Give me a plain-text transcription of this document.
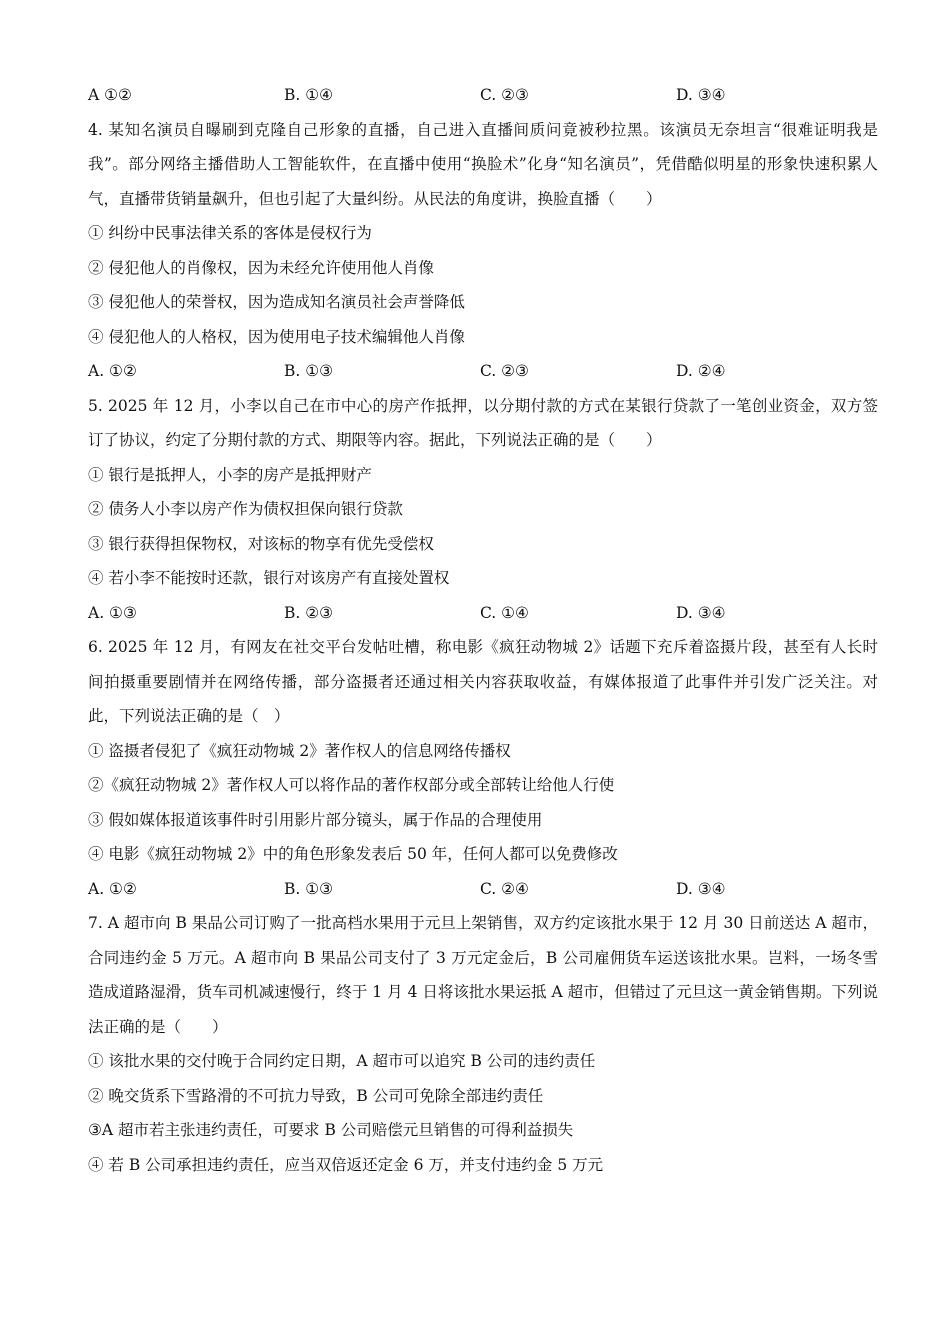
A ①②	B. ①④	C. ②③	D. ③④
4. 某知名演员自曝刷到克隆自己形象的直播，自己进入直播间质问竟被秒拉黑。该演员无奈坦言“很难证明我是我”。部分网络主播借助人工智能软件，在直播中使用“换脸术”化身“知名演员”，凭借酷似明星的形象快速积累人气，直播带货销量飙升，但也引起了大量纠纷。从民法的角度讲，换脸直播（　　）
① 纠纷中民事法律关系的客体是侵权行为
② 侵犯他人的肖像权，因为未经允许使用他人肖像
③ 侵犯他人的荣誉权，因为造成知名演员社会声誉降低
④ 侵犯他人的人格权，因为使用电子技术编辑他人肖像
A. ①②	B. ①③	C. ②③	D. ②④
5. 2025 年 12 月，小李以自己在市中心的房产作抵押，以分期付款的方式在某银行贷款了一笔创业资金，双方签订了协议，约定了分期付款的方式、期限等内容。据此，下列说法正确的是（　　）
① 银行是抵押人，小李的房产是抵押财产
② 债务人小李以房产作为债权担保向银行贷款
③ 银行获得担保物权，对该标的物享有优先受偿权
④ 若小李不能按时还款，银行对该房产有直接处置权
A. ①③	B. ②③	C. ①④	D. ③④
6. 2025 年 12 月，有网友在社交平台发帖吐槽，称电影《疯狂动物城 2》话题下充斥着盗摄片段，甚至有人长时间拍摄重要剧情并在网络传播，部分盗摄者还通过相关内容获取收益，有媒体报道了此事件并引发广泛关注。对此，下列说法正确的是（　）
① 盗摄者侵犯了《疯狂动物城 2》著作权人的信息网络传播权
②《疯狂动物城 2》著作权人可以将作品的著作权部分或全部转让给他人行使
③ 假如媒体报道该事件时引用影片部分镜头，属于作品的合理使用
④ 电影《疯狂动物城 2》中的角色形象发表后 50 年，任何人都可以免费修改
A. ①②	B. ①③	C. ②④	D. ③④
7. A 超市向 B 果品公司订购了一批高档水果用于元旦上架销售，双方约定该批水果于 12 月 30 日前送达 A 超市，合同违约金 5 万元。A 超市向 B 果品公司支付了 3 万元定金后，B 公司雇佣货车运送该批水果。岂料，一场冬雪造成道路湿滑，货车司机减速慢行，终于 1 月 4 日将该批水果运抵 A 超市，但错过了元旦这一黄金销售期。下列说法正确的是（　　）
① 该批水果的交付晚于合同约定日期，A 超市可以追究 B 公司的违约责任
② 晚交货系下雪路滑的不可抗力导致，B 公司可免除全部违约责任
③A 超市若主张违约责任，可要求 B 公司赔偿元旦销售的可得利益损失
④ 若 B 公司承担违约责任，应当双倍返还定金 6 万，并支付违约金 5 万元
